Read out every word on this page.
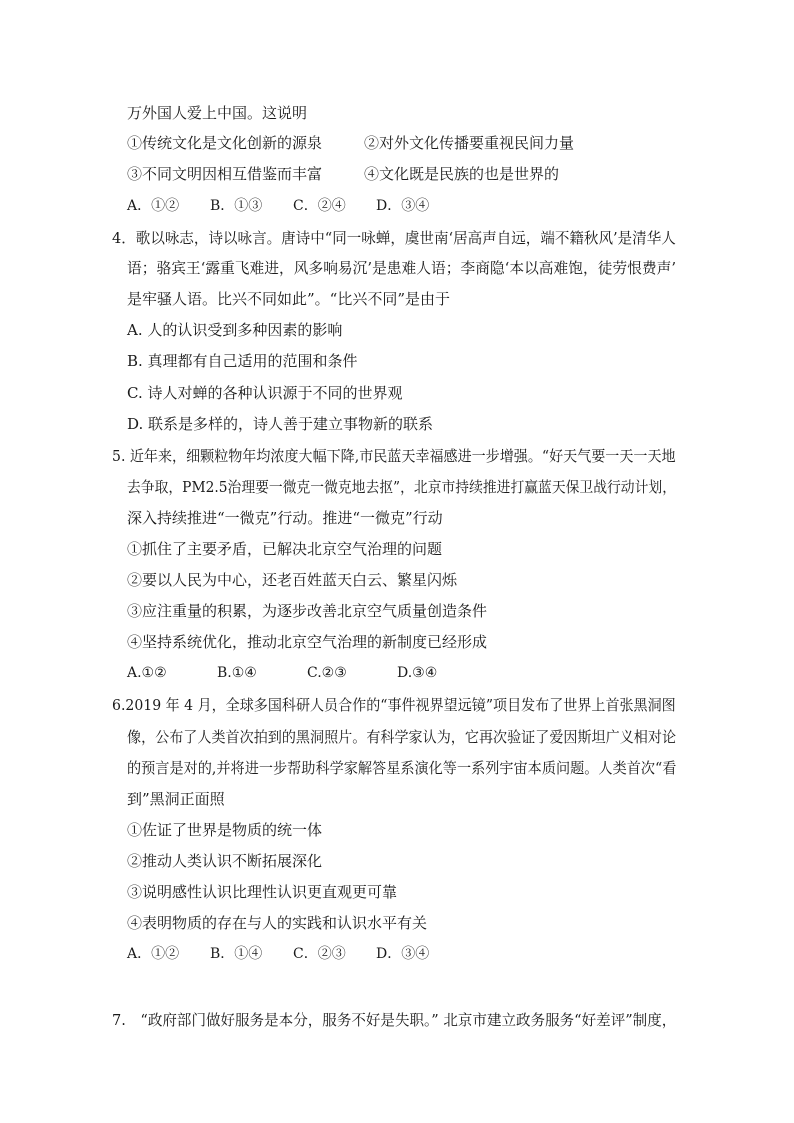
万外国人爱上中国。这说明
①传统文化是文化创新的源泉	②对外文化传播要重视民间力量
③不同文明因相互借鉴而丰富	④文化既是民族的也是世界的
A．①② B．①③ C．②④ D．③④
4．歌以咏志，诗以咏言。唐诗中“同一咏蝉，虞世南‘居高声自远，端不籍秋风’是清华人
语；骆宾王‘露重飞难进，风多响易沉’是患难人语；李商隐‘本以高难饱，徒劳恨费声’
是牢骚人语。比兴不同如此”。“比兴不同”是由于
A. 人的认识受到多种因素的影响
B. 真理都有自己适用的范围和条件
C. 诗人对蝉的各种认识源于不同的世界观
D. 联系是多样的，诗人善于建立事物新的联系
5. 近年来，细颗粒物年均浓度大幅下降,市民蓝天幸福感进一步增强。“好天气要一天一天地
去争取，PM2.5治理要一微克一微克地去抠”，北京市持续推进打赢蓝天保卫战行动计划，
深入持续推进“一微克”行动。推进“一微克”行动
①抓住了主要矛盾，已解决北京空气治理的问题
②要以人民为中心，还老百姓蓝天白云、繁星闪烁
③应注重量的积累，为逐步改善北京空气质量创造条件
④坚持系统优化，推动北京空气治理的新制度已经形成
A.①②	B.①④	C.②③	D.③④
6.2019 年 4 月，全球多国科研人员合作的“事件视界望远镜”项目发布了世界上首张黑洞图
像，公布了人类首次拍到的黑洞照片。有科学家认为，它再次验证了爱因斯坦广义相对论
的预言是对的,并将进一步帮助科学家解答星系演化等一系列宇宙本质问题。人类首次“看
到”黑洞正面照
①佐证了世界是物质的统一体
②推动人类认识不断拓展深化
③说明感性认识比理性认识更直观更可靠
④表明物质的存在与人的实践和认识水平有关
A．①② B．①④ C．②③ D．③④
7.　“政府部门做好服务是本分，服务不好是失职。” 北京市建立政务服务“好差评”制度，
